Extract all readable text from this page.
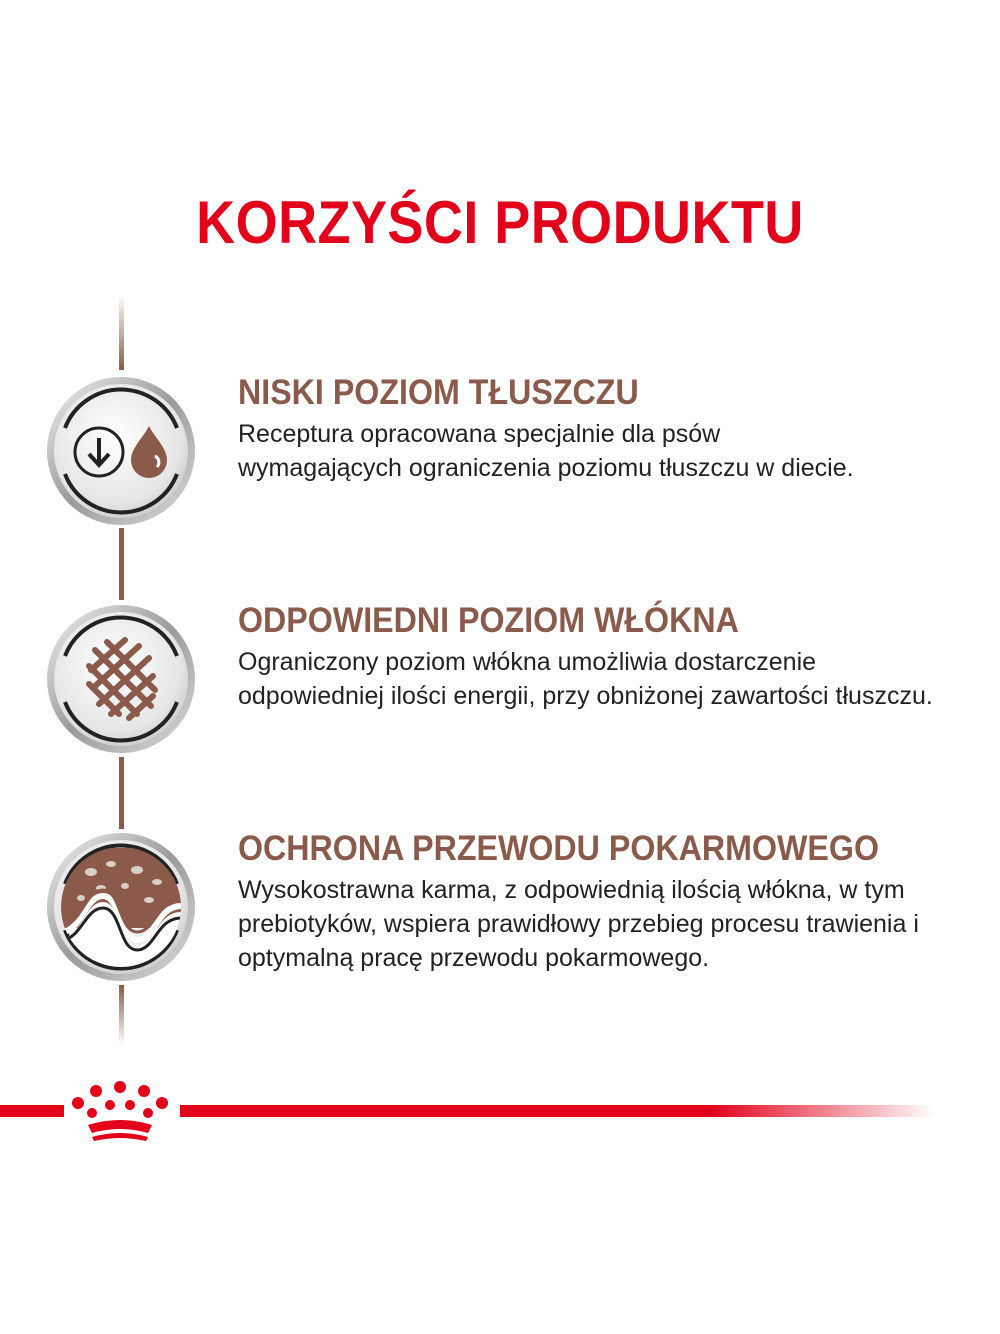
KORZYŚCI PRODUKTU
NISKI POZIOM TŁUSZCZU
Receptura opracowana specjalnie dla psów wymagających ograniczenia poziomu tłuszczu w diecie.
ODPOWIEDNI POZIOM WŁÓKNA
Ograniczony poziom włókna umożliwia dostarczenie odpowiedniej ilości energii, przy obniżonej zawartości tłuszczu.
OCHRONA PRZEWODU POKARMOWEGO
Wysokostrawna karma, z odpowiednią ilością włókna, w tym prebiotyków, wspiera prawidłowy przebieg procesu trawienia i optymalną pracę przewodu pokarmowego.
